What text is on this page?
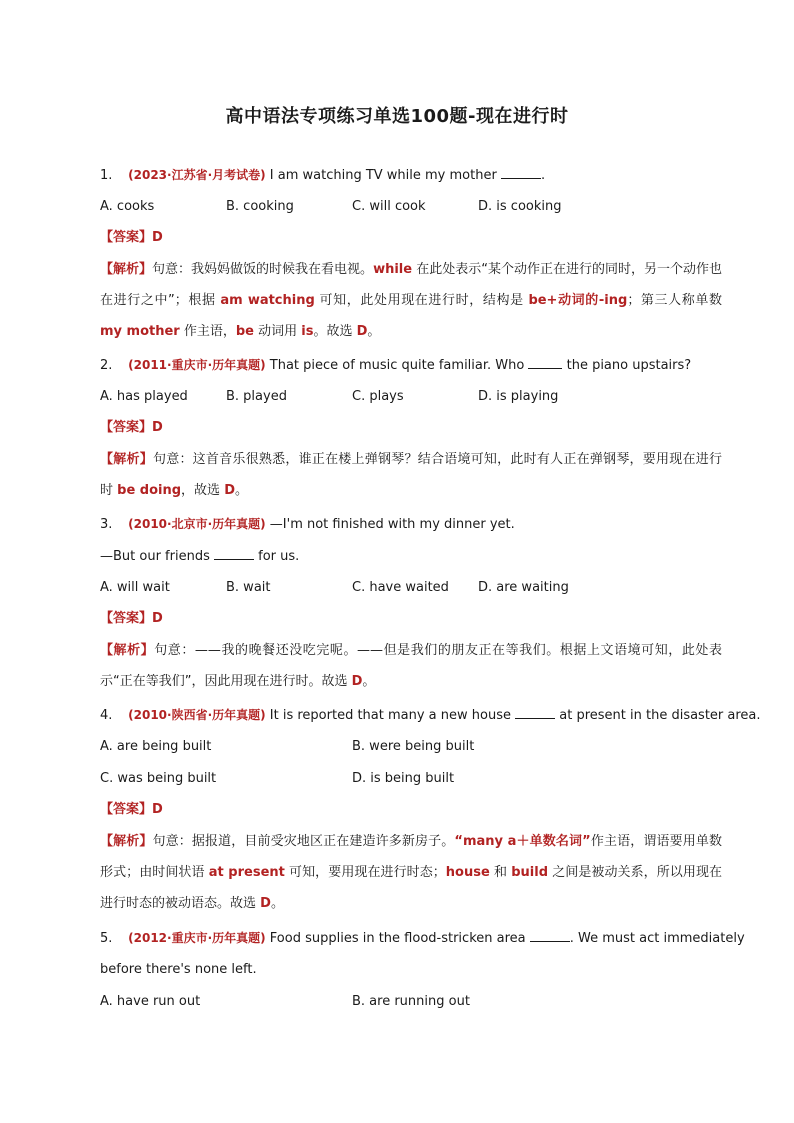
高中语法专项练习单选100题-现在进行时
1. (2023·江苏省·月考试卷) I am watching TV while my mother	.
A. cooks	B. cooking	C. will cook	D. is cooking
【答案】D
【解析】句意：我妈妈做饭的时候我在看电视。while 在此处表示“某个动作正在进行的同时，另一个动作也在进行之中”；根据 am watching 可知，此处用现在进行时，结构是 be+动词的-ing；第三人称单数 my mother 作主语，be 动词用 is。故选 D。
2. (2011·重庆市·历年真题) That piece of music quite familiar. Who	the piano upstairs?
A. has played	B. played	C. plays	D. is playing
【答案】D
【解析】句意：这首音乐很熟悉，谁正在楼上弹钢琴？结合语境可知，此时有人正在弹钢琴，要用现在进行时 be doing，故选 D。
3. (2010·北京市·历年真题) —I'm not finished with my dinner yet.
—But our friends	for us.
A. will wait	B. wait	C. have waited D. are waiting
【答案】D
【解析】句意：——我的晚餐还没吃完呢。——但是我们的朋友正在等我们。根据上文语境可知，此处表示“正在等我们”，因此用现在进行时。故选 D。
4. (2010·陕西省·历年真题) It is reported that many a new house	at present in the disaster area.
A. are being built	B. were being built
C. was being built	D. is being built
【答案】D
【解析】句意：据报道，目前受灾地区正在建造许多新房子。“many a＋单数名词”作主语，谓语要用单数形式；由时间状语 at present 可知，要用现在进行时态；house 和 build 之间是被动关系，所以用现在进行时态的被动语态。故选 D。
5. (2012·重庆市·历年真题) Food supplies in the flood-stricken area	. We must act immediately
before there's none left.
A. have run out	B. are running out
